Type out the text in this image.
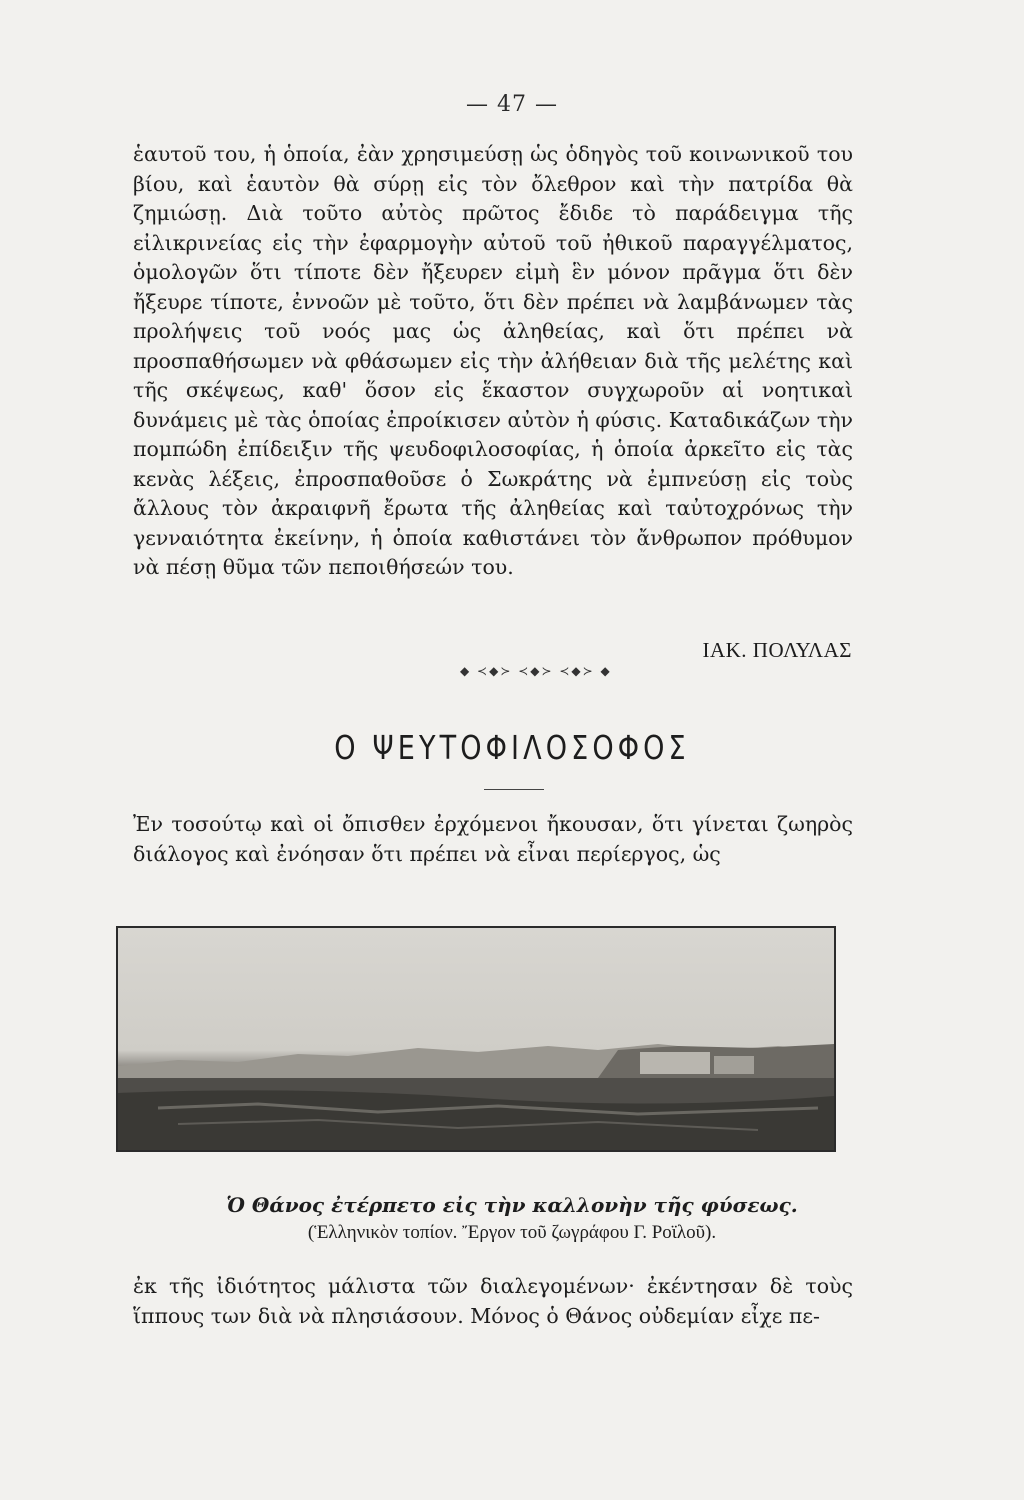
— 47 —

ἑαυτοῦ του, ἡ ὁποία, ἐὰν χρησιμεύσῃ ὡς ὁδηγὸς τοῦ κοινωνικοῦ του βίου, καὶ ἑαυτὸν θὰ σύρῃ εἰς τὸν ὄλεθρον καὶ τὴν πατρίδα θὰ ζημιώσῃ. Διὰ τοῦτο αὐτὸς πρῶτος ἔδιδε τὸ παράδειγμα τῆς εἰλικρινείας εἰς τὴν ἐφαρμογὴν αὐτοῦ τοῦ ἠθικοῦ παραγγέλματος, ὁμολογῶν ὅτι τίποτε δὲν ἤξευρεν εἰμὴ ἓν μόνον πρᾶγμα ὅτι δὲν ἤξευρε τίποτε, ἐννοῶν μὲ τοῦτο, ὅτι δὲν πρέπει νὰ λαμβάνωμεν τὰς προλήψεις τοῦ νοός μας ὡς ἀληθείας, καὶ ὅτι πρέπει νὰ προσπαθήσωμεν νὰ φθάσωμεν εἰς τὴν ἀλήθειαν διὰ τῆς μελέτης καὶ τῆς σκέψεως, καθ' ὅσον εἰς ἕκαστον συγχωροῦν αἱ νοητικαὶ δυνάμεις μὲ τὰς ὁποίας ἐπροίκισεν αὐτὸν ἡ φύσις. Καταδικάζων τὴν πομπώδη ἐπίδειξιν τῆς ψευδοφιλοσοφίας, ἡ ὁποία ἀρκεῖτο εἰς τὰς κενὰς λέξεις, ἐπροσπαθοῦσε ὁ Σωκράτης νὰ ἐμπνεύσῃ εἰς τοὺς ἄλλους τὸν ἀκραιφνῆ ἔρωτα τῆς ἀληθείας καὶ ταὐτοχρόνως τὴν γενναιότητα ἐκείνην, ἡ ὁποία καθιστάνει τὸν ἄνθρωπον πρόθυμον νὰ πέσῃ θῦμα τῶν πεποιθήσεών του.

ΙΑΚ. ΠΟΛΥΛΑΣ
◆ ≺◆≻ ≺◆≻ ≺◆≻ ◆
Ο ΨΕΥΤΟΦΙΛΟΣΟΦΟΣ

Ἐν τοσούτῳ καὶ οἱ ὄπισθεν ἐρχόμενοι ἤκουσαν, ὅτι γίνεται ζωηρὸς διάλογος καὶ ἐνόησαν ὅτι πρέπει νὰ εἶναι περίεργος, ὡς

Ὁ Θάνος ἐτέρπετο εἰς τὴν καλλονὴν τῆς φύσεως.
(Ἑλληνικὸν τοπίον. Ἔργον τοῦ ζωγράφου Γ. Ροϊλοῦ).

ἐκ τῆς ἰδιότητος μάλιστα τῶν διαλεγομένων· ἐκέντησαν δὲ τοὺς ἵππους των διὰ νὰ πλησιάσουν. Μόνος ὁ Θάνος οὐδεμίαν εἶχε πε-
